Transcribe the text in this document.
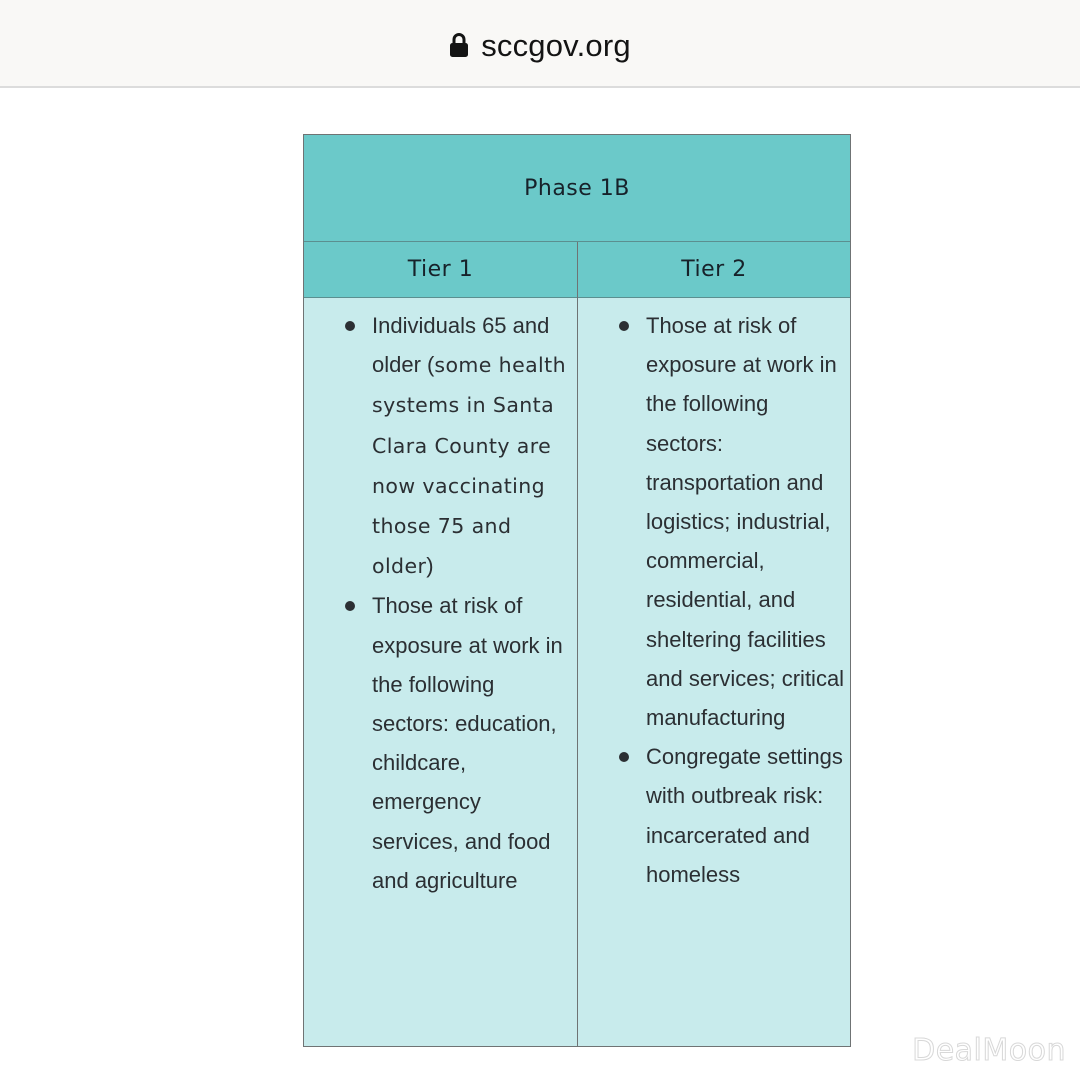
sccgov.org
Phase 1B
Tier 1	Tier 2
Individuals 65 and older (some health systems in Santa Clara County are now vaccinating those 75 and older)
Those at risk of exposure at work in the following sectors: education, childcare, emergency services, and food and agriculture
Those at risk of exposure at work in the following sectors: transportation and logistics; industrial, commercial, residential, and sheltering facilities and services; critical manufacturing
Congregate settings with outbreak risk: incarcerated and homeless
DealMoon
